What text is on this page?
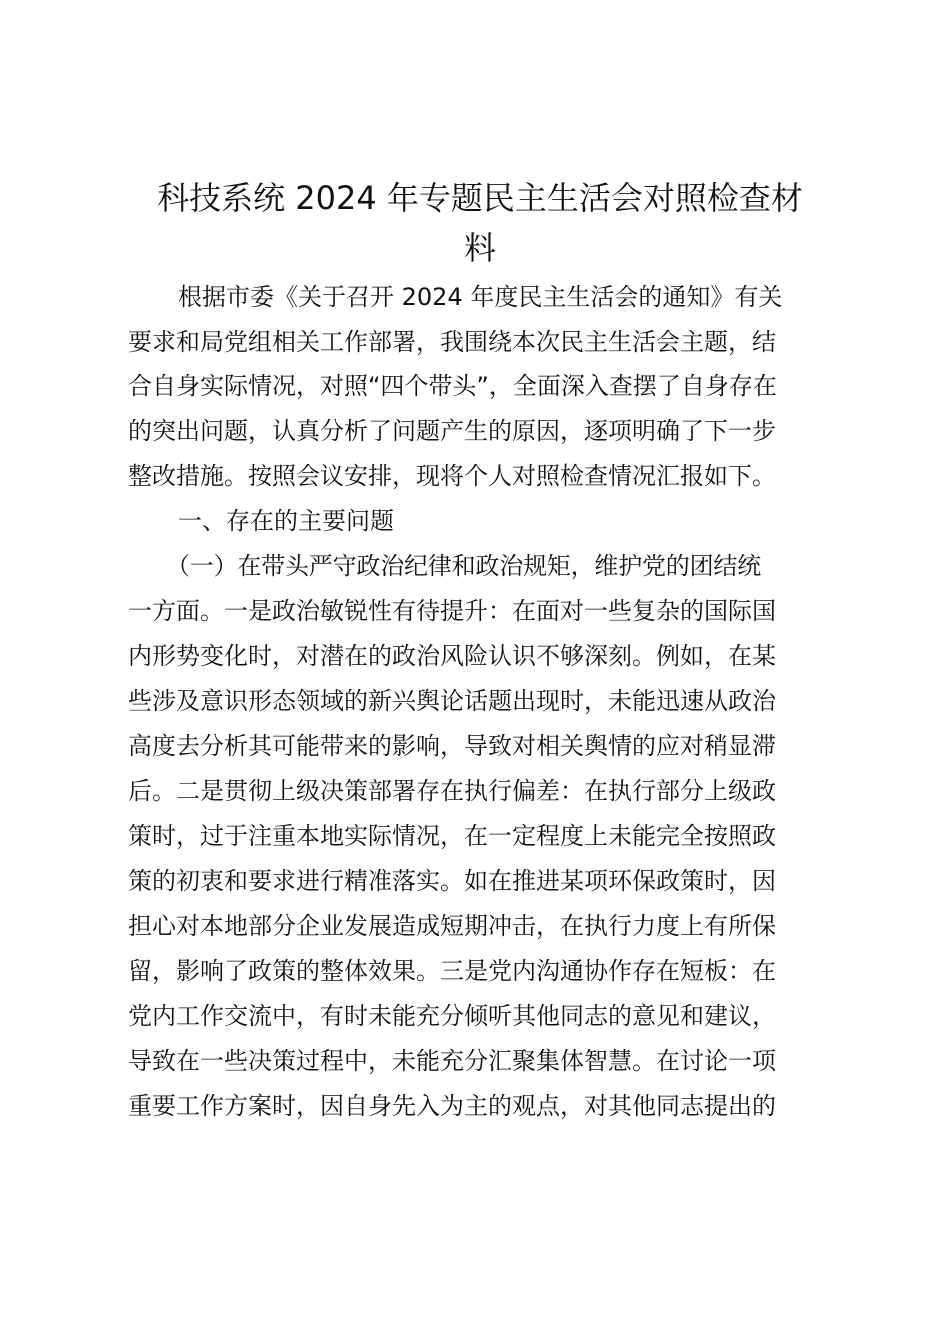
科技系统 2024 年专题民主生活会对照检查材
料
根据市委《关于召开 2024 年度民主生活会的通知》有关
要求和局党组相关工作部署，我围绕本次民主生活会主题，结
合自身实际情况，对照“四个带头”，全面深入查摆了自身存在
的突出问题，认真分析了问题产生的原因，逐项明确了下一步
整改措施。按照会议安排，现将个人对照检查情况汇报如下。
一、存在的主要问题
（一）在带头严守政治纪律和政治规矩，维护党的团结统
一方面。一是政治敏锐性有待提升：在面对一些复杂的国际国
内形势变化时，对潜在的政治风险认识不够深刻。例如，在某
些涉及意识形态领域的新兴舆论话题出现时，未能迅速从政治
高度去分析其可能带来的影响，导致对相关舆情的应对稍显滞
后。二是贯彻上级决策部署存在执行偏差：在执行部分上级政
策时，过于注重本地实际情况，在一定程度上未能完全按照政
策的初衷和要求进行精准落实。如在推进某项环保政策时，因
担心对本地部分企业发展造成短期冲击，在执行力度上有所保
留，影响了政策的整体效果。三是党内沟通协作存在短板：在
党内工作交流中，有时未能充分倾听其他同志的意见和建议，
导致在一些决策过程中，未能充分汇聚集体智慧。在讨论一项
重要工作方案时，因自身先入为主的观点，对其他同志提出的
